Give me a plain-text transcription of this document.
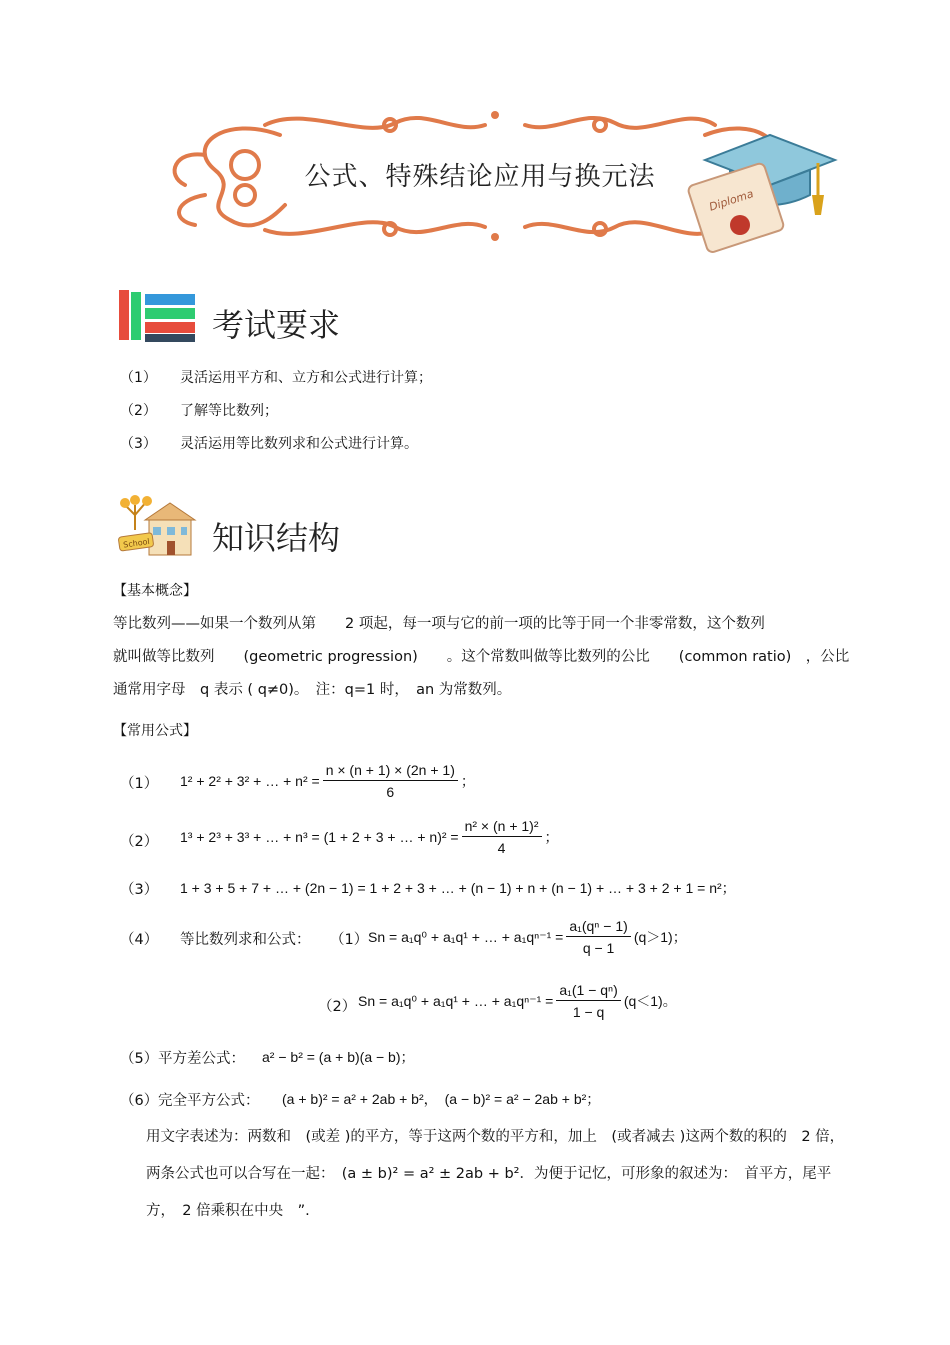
Diploma
公式、特殊结论应用与换元法
考试要求
（1） 灵活运用平方和、立方和公式进行计算；
（2） 了解等比数列；
（3） 灵活运用等比数列求和公式进行计算。
School 知识结构
【基本概念】
等比数列——如果一个数列从第　　2 项起，每一项与它的前一项的比等于同一个非零常数，这个数列
就叫做等比数列　　(geometric progression)　　。这个常数叫做等比数列的公比　　(common ratio)　，公比
通常用字母　q 表示 ( q≠0)。　注：q=1 时，　an 为常数列。
【常用公式】
（1） 1² + 2² + 3² + … + $n^2 = \frac{n \times (n + 1) \times (2n + 1)}{6}$ ；
（2） 1³ + 2³ + 3³ + … + n³ = (1 + 2 + 3 + … + $n)^2 = \frac{\text{n² × (n + 1)²}}{4}$ ；
（3） 1 + 3 + 5 + 7 + … + (2n − 1) = 1 + 2 + 3 + … + (n − 1) + n + (n − 1) + … + 3 + 2 + 1 = n²；
（4） 等比数列求和公式： （1） Sn = a₁q⁰ + a₁q¹ + … + $a_1q^{n-1} = \frac{\text{a₁(qⁿ − 1)}}{q - 1} (q>1)$；
（2） Sn = a₁q⁰ + a₁q¹ + … + $a_1q^{n-1} = \frac{\text{a₁(1 − qⁿ)}}{1 - q} (q<1)$。
（5） 平方差公式： a² − b² = (a + b)(a − b)；
（6） 完全平方公式： (a + b)² = a² + 2ab + b²，　(a − b)² = a² − 2ab + b²；
用文字表述为：两数和　(或差 )的平方，等于这两个数的平方和，加上　(或者减去 )这两个数的积的　2 倍，
两条公式也可以合写在一起：　(a ± b)² = a² ± 2ab + b²．为便于记忆，可形象的叙述为：　首平方，尾平
方，　2 倍乘积在中央　”.
